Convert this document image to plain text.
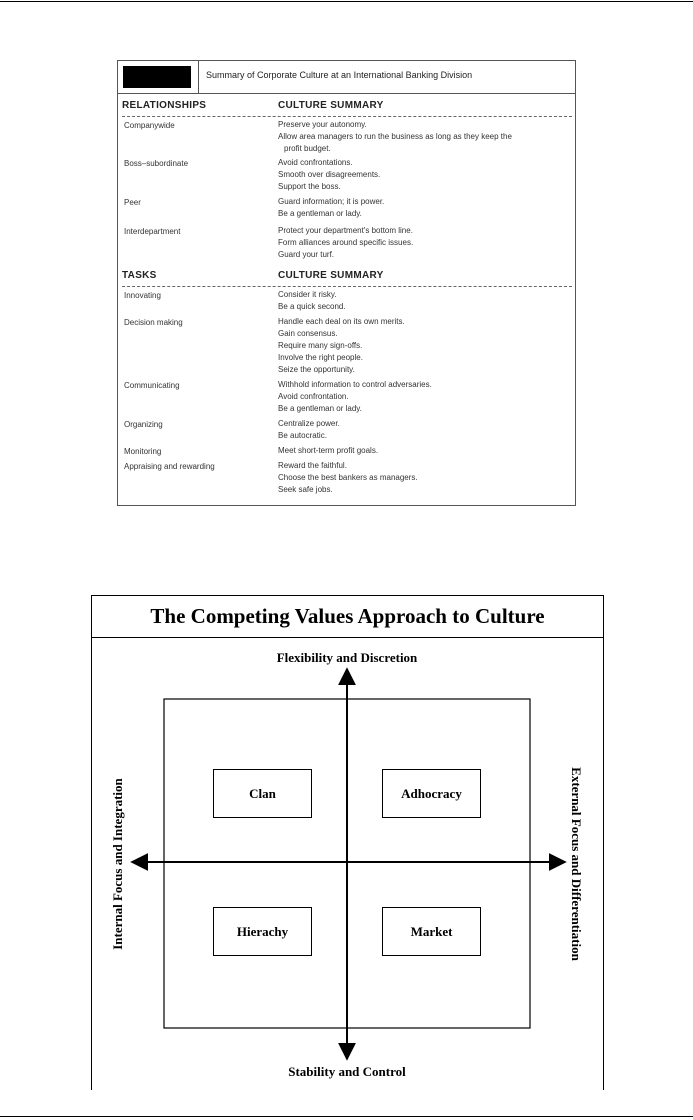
Summary of Corporate Culture at an International Banking Division
RELATIONSHIPS	CULTURE SUMMARY
Companywide	Preserve your autonomy.
Allow area managers to run the business as long as they keep the
profit budget.
Boss–subordinate	Avoid confrontations.
Smooth over disagreements.
Support the boss.
Peer	Guard information; it is power.
Be a gentleman or lady.
Interdepartment	Protect your department's bottom line.
Form alliances around specific issues.
Guard your turf.
TASKS	CULTURE SUMMARY
Innovating	Consider it risky.
Be a quick second.
Decision making	Handle each deal on its own merits.
Gain consensus.
Require many sign-offs.
Involve the right people.
Seize the opportunity.
Communicating	Withhold information to control adversaries.
Avoid confrontation.
Be a gentleman or lady.
Organizing	Centralize power.
Be autocratic.
Monitoring	Meet short-term profit goals.
Appraising and rewarding	Reward the faithful.
Choose the best bankers as managers.
Seek safe jobs.
The Competing Values Approach to Culture
Flexibility and Discretion
Stability and Control
Internal Focus and Integration	External Focus and Differentiation
Clan	Adhocracy
Hierachy	Market
